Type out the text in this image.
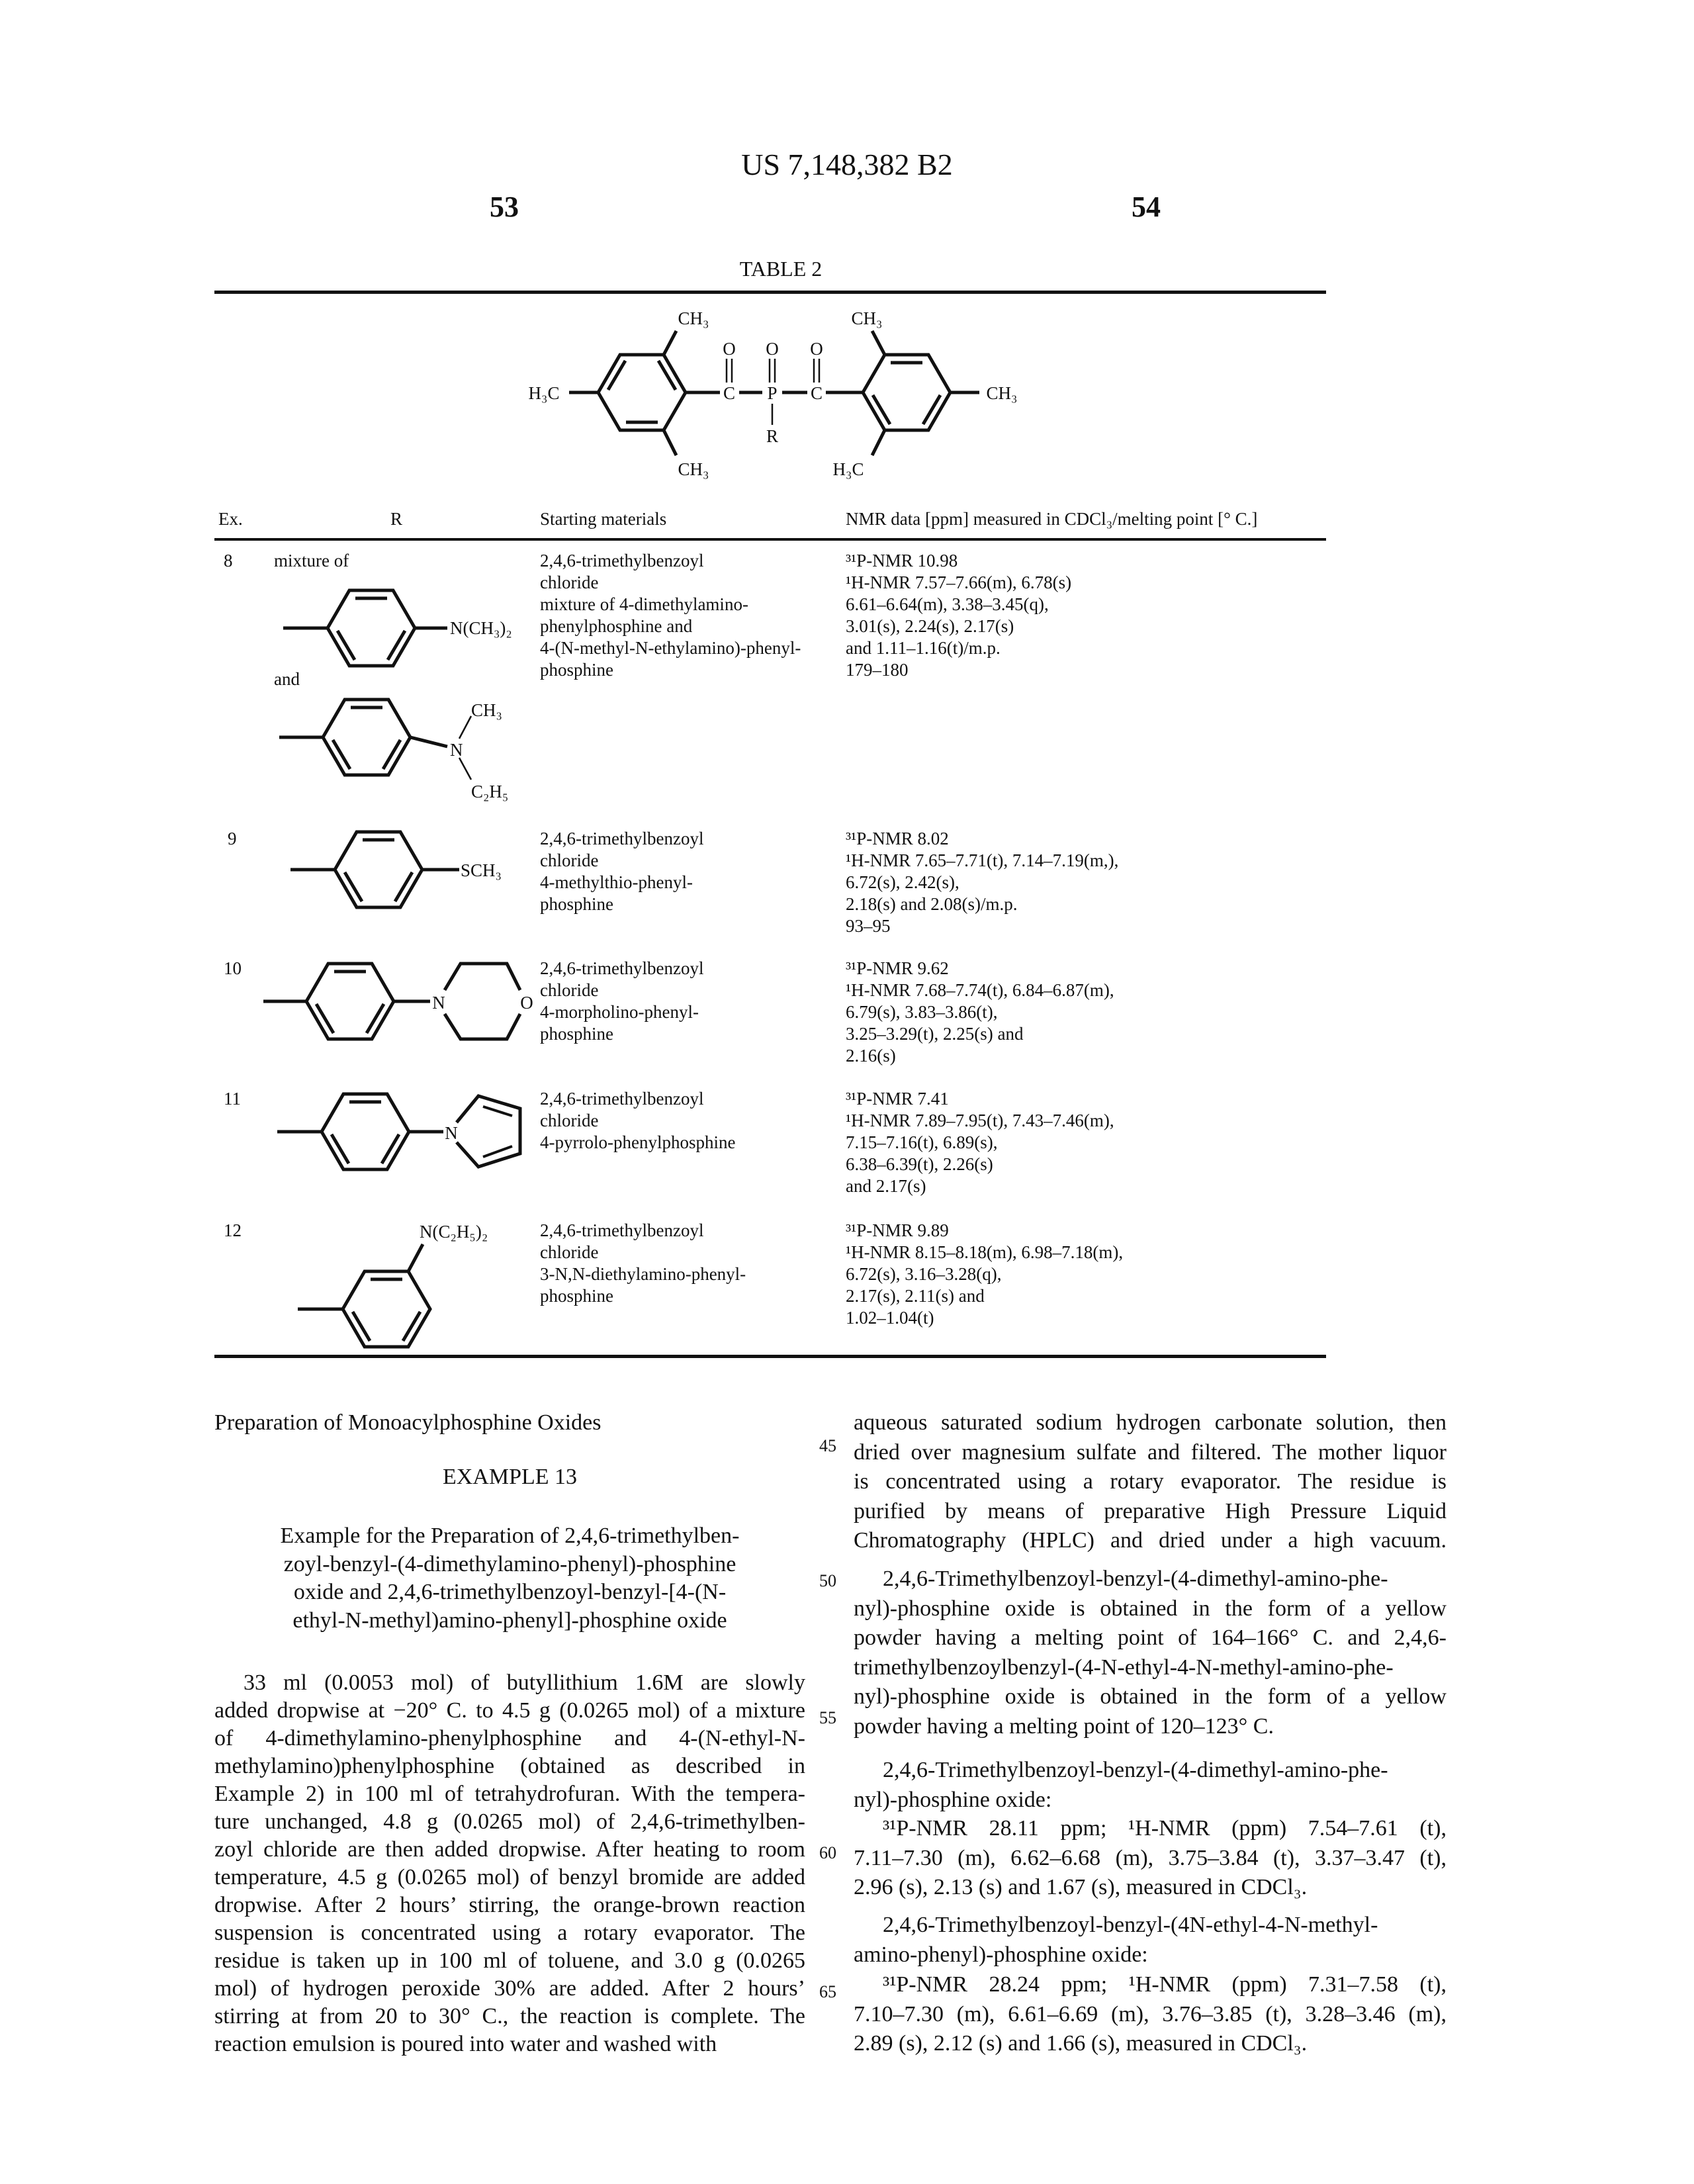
US 7,148,382 B2
53	54
TABLE 2
CH₃	CH₃
H₃C	CH₃
CH₃	H₃C
O O O
C P C
R
N(CH₃)₂
N
CH₃
C₂H₅
SCH₃
N	O
N
N(C₂H₅)₂
Ex.	R	Starting materials	NMR data [ppm] measured in CDCl₃/melting point [° C.]
8 mixture of
and
2,4,6-trimethylbenzoyl
chloride
mixture of 4-dimethylamino-
phenylphosphine and
4-(N-methyl-N-ethylamino)-phenyl-
phosphine
³¹P-NMR 10.98
¹H-NMR 7.57–7.66(m), 6.78(s)
6.61–6.64(m), 3.38–3.45(q),
3.01(s), 2.24(s), 2.17(s)
and 1.11–1.16(t)/m.p.
179–180
9	2,4,6-trimethylbenzoyl
chloride
4-methylthio-phenyl-
phosphine
³¹P-NMR 8.02
¹H-NMR 7.65–7.71(t), 7.14–7.19(m,),
6.72(s), 2.42(s),
2.18(s) and 2.08(s)/m.p.
93–95
10	2,4,6-trimethylbenzoyl
chloride
4-morpholino-phenyl-
phosphine
³¹P-NMR 9.62
¹H-NMR 7.68–7.74(t), 6.84–6.87(m),
6.79(s), 3.83–3.86(t),
3.25–3.29(t), 2.25(s) and
2.16(s)
11	2,4,6-trimethylbenzoyl
chloride
4-pyrrolo-phenylphosphine
³¹P-NMR 7.41
¹H-NMR 7.89–7.95(t), 7.43–7.46(m),
7.15–7.16(t), 6.89(s),
6.38–6.39(t), 2.26(s)
and 2.17(s)
12	2,4,6-trimethylbenzoyl
chloride
3-N,N-diethylamino-phenyl-
phosphine
³¹P-NMR 9.89
¹H-NMR 8.15–8.18(m), 6.98–7.18(m),
6.72(s), 3.16–3.28(q),
2.17(s), 2.11(s) and
1.02–1.04(t)
Preparation of Monoacylphosphine Oxides
EXAMPLE 13
Example for the Preparation of 2,4,6-trimethylben-
zoyl-benzyl-(4-dimethylamino-phenyl)-phosphine
oxide and 2,4,6-trimethylbenzoyl-benzyl-[4-(N-
ethyl-N-methyl)amino-phenyl]-phosphine oxide
33 ml (0.0053 mol) of butyllithium 1.6M are slowly
added dropwise at −20° C. to 4.5 g (0.0265 mol) of a mixture
of 4-dimethylamino-phenylphosphine and 4-(N-ethyl-N-
methylamino)phenylphosphine (obtained as described in
Example 2) in 100 ml of tetrahydrofuran. With the tempera-
ture unchanged, 4.8 g (0.0265 mol) of 2,4,6-trimethylben-
zoyl chloride are then added dropwise. After heating to room
temperature, 4.5 g (0.0265 mol) of benzyl bromide are added
dropwise. After 2 hours’ stirring, the orange-brown reaction
suspension is concentrated using a rotary evaporator. The
residue is taken up in 100 ml of toluene, and 3.0 g (0.0265
mol) of hydrogen peroxide 30% are added. After 2 hours’
stirring at from 20 to 30° C., the reaction is complete. The
reaction emulsion is poured into water and washed with
45
50
55
60
65
aqueous saturated sodium hydrogen carbonate solution, then
dried over magnesium sulfate and filtered. The mother liquor
is concentrated using a rotary evaporator. The residue is
purified by means of preparative High Pressure Liquid
Chromatography (HPLC) and dried under a high vacuum.
2,4,6-Trimethylbenzoyl-benzyl-(4-dimethyl-amino-phe-
nyl)-phosphine oxide is obtained in the form of a yellow
powder having a melting point of 164–166° C. and 2,4,6-
trimethylbenzoylbenzyl-(4-N-ethyl-4-N-methyl-amino-phe-
nyl)-phosphine oxide is obtained in the form of a yellow
powder having a melting point of 120–123° C.
2,4,6-Trimethylbenzoyl-benzyl-(4-dimethyl-amino-phe-
nyl)-phosphine oxide:
³¹P-NMR 28.11 ppm; ¹H-NMR (ppm) 7.54–7.61 (t),
7.11–7.30 (m), 6.62–6.68 (m), 3.75–3.84 (t), 3.37–3.47 (t),
2.96 (s), 2.13 (s) and 1.67 (s), measured in CDCl₃.
2,4,6-Trimethylbenzoyl-benzyl-(4N-ethyl-4-N-methyl-
amino-phenyl)-phosphine oxide:
³¹P-NMR 28.24 ppm; ¹H-NMR (ppm) 7.31–7.58 (t),
7.10–7.30 (m), 6.61–6.69 (m), 3.76–3.85 (t), 3.28–3.46 (m),
2.89 (s), 2.12 (s) and 1.66 (s), measured in CDCl₃.
